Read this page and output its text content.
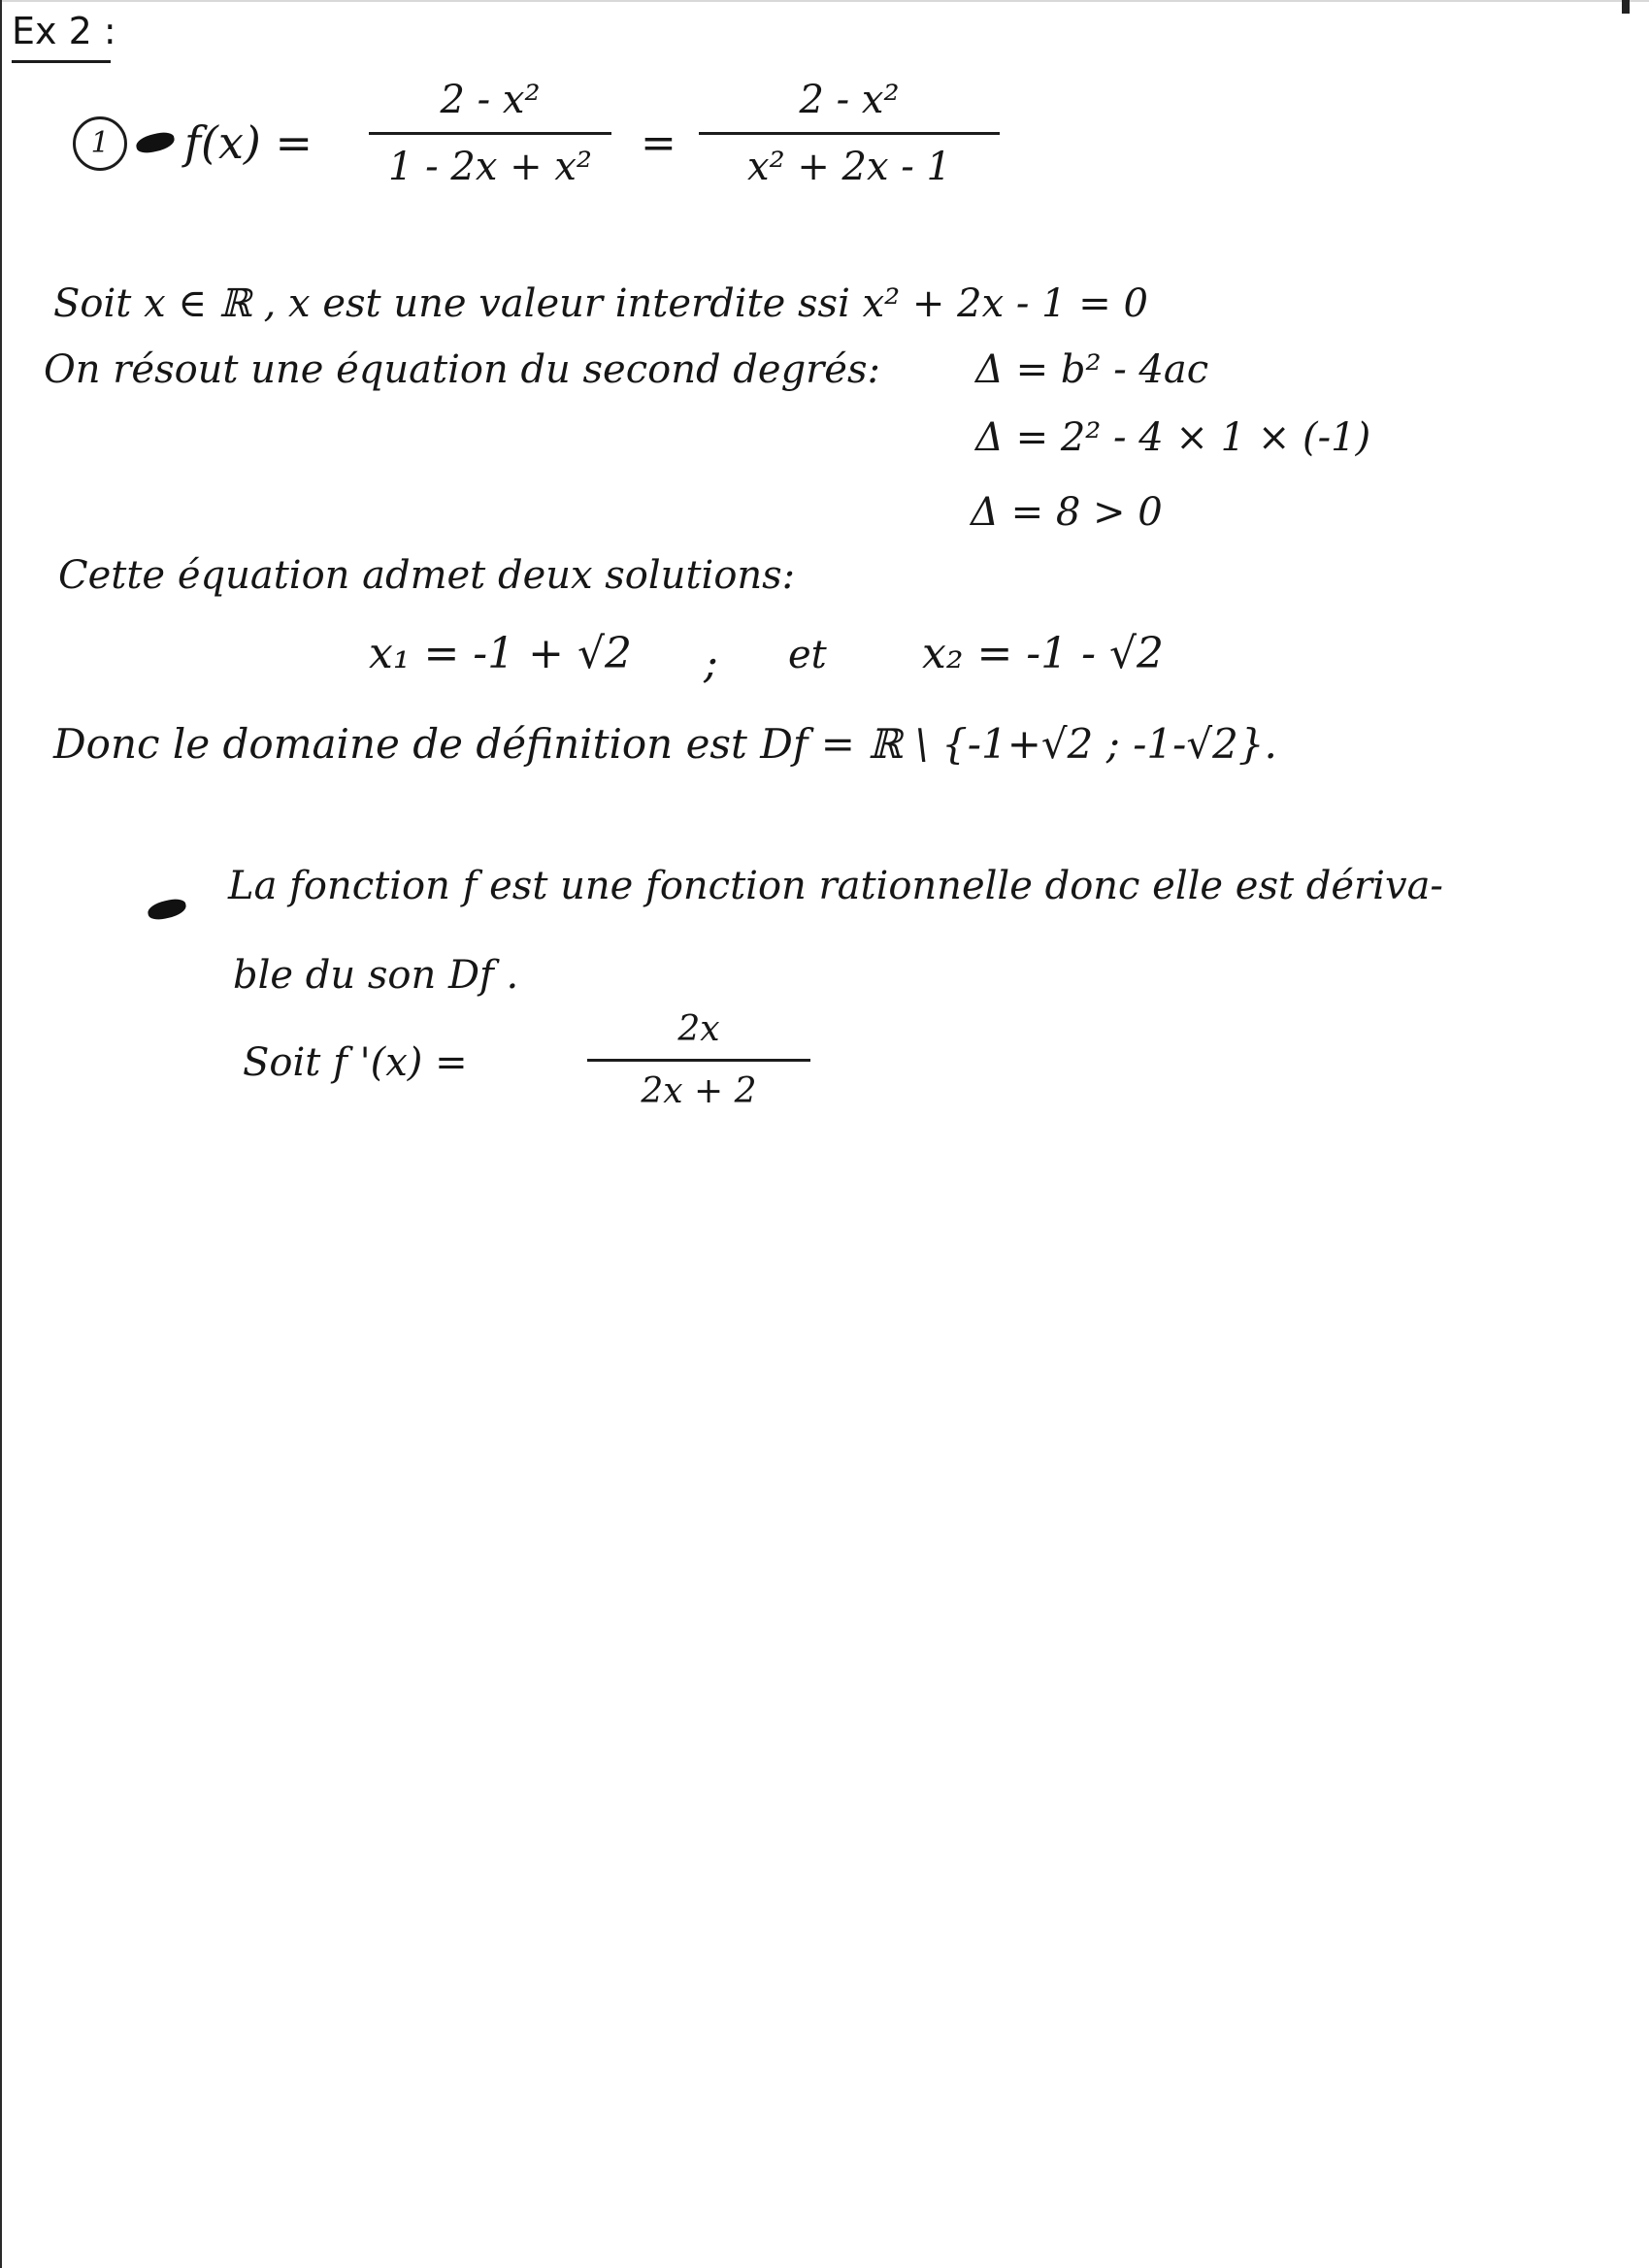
Ex 2 :
1	f(x) =
2 - x²
1 - 2x + x²	=
2 - x²
x² + 2x - 1
Soit x ∈ ℝ , x est une valeur interdite ssi x² + 2x - 1 = 0
On résout une équation du second degrés: Δ = b² - 4ac
Δ = 2² - 4 × 1 × (-1)
Δ = 8 > 0
Cette équation admet deux solutions:
x₁ = -1 + √2 ; et x₂ = -1 - √2
Donc le domaine de définition est Df = ℝ \ {-1+√2 ; -1-√2}.
La fonction f est une fonction rationnelle donc elle est dériva-
ble du son Df .
Soit f '(x) =
2x
2x + 2
